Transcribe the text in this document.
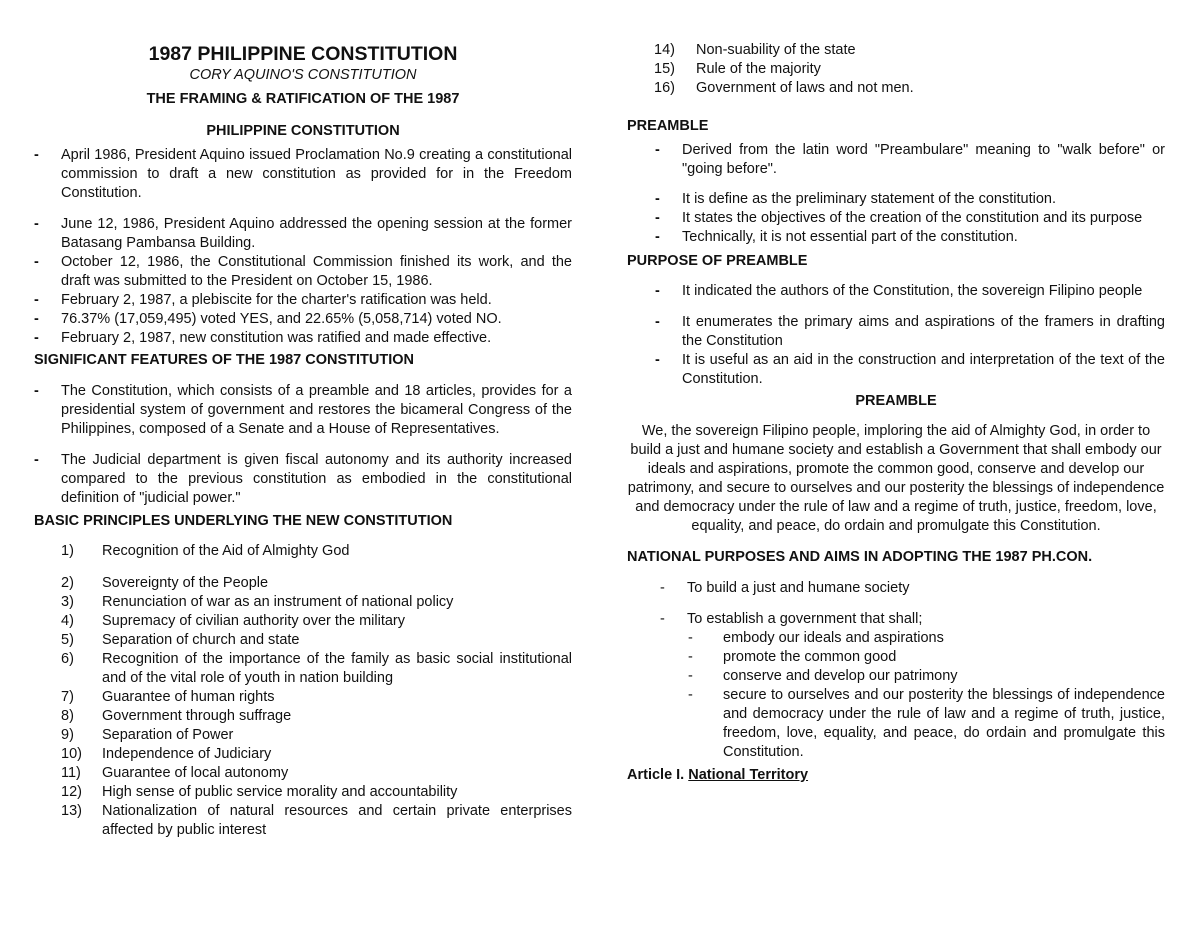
1987 PHILIPPINE CONSTITUTION
CORY AQUINO'S CONSTITUTION
THE FRAMING & RATIFICATION OF THE 1987
PHILIPPINE CONSTITUTION
- April 1986, President Aquino issued Proclamation No.9 creating a constitutional commission to draft a new constitution as provided for in the Freedom Constitution.
- June 12, 1986, President Aquino addressed the opening session at the former Batasang Pambansa Building.
- October 12, 1986, the Constitutional Commission finished its work, and the draft was submitted to the President on October 15, 1986.
- February 2, 1987, a plebiscite for the charter's ratification was held.
- 76.37% (17,059,495) voted YES, and 22.65% (5,058,714) voted NO.
- February 2, 1987, new constitution was ratified and made effective.
SIGNIFICANT FEATURES OF THE 1987 CONSTITUTION
- The Constitution, which consists of a preamble and 18 articles, provides for a presidential system of government and restores the bicameral Congress of the Philippines, composed of a Senate and a House of Representatives.
- The Judicial department is given fiscal autonomy and its authority increased compared to the previous constitution as embodied in the constitutional definition of "judicial power."
BASIC PRINCIPLES UNDERLYING THE NEW CONSTITUTION
1) Recognition of the Aid of Almighty God
2) Sovereignty of the People
3) Renunciation of war as an instrument of national policy
4) Supremacy of civilian authority over the military
5) Separation of church and state
6) Recognition of the importance of the family as basic social institutional and of the vital role of youth in nation building
7) Guarantee of human rights
8) Government through suffrage
9) Separation of Power
10) Independence of Judiciary
11) Guarantee of local autonomy
12) High sense of public service morality and accountability
13) Nationalization of natural resources and certain private enterprises affected by public interest
14) Non-suability of the state
15) Rule of the majority
16) Government of laws and not men.
PREAMBLE
- Derived from the latin word "Preambulare" meaning to "walk before" or "going before".
- It is define as the preliminary statement of the constitution.
- It states the objectives of the creation of the constitution and its purpose
- Technically, it is not essential part of the constitution.
PURPOSE OF PREAMBLE
- It indicated the authors of the Constitution, the sovereign Filipino people
- It enumerates the primary aims and aspirations of the framers in drafting the Constitution
- It is useful as an aid in the construction and interpretation of the text of the Constitution.
PREAMBLE
We, the sovereign Filipino people, imploring the aid of Almighty God, in order to build a just and humane society and establish a Government that shall embody our ideals and aspirations, promote the common good, conserve and develop our patrimony, and secure to ourselves and our posterity the blessings of independence and democracy under the rule of law and a regime of truth, justice, freedom, love, equality, and peace, do ordain and promulgate this Constitution.
NATIONAL PURPOSES AND AIMS IN ADOPTING THE 1987 PH.CON.
- To build a just and humane society
- To establish a government that shall;
- embody our ideals and aspirations
- promote the common good
- conserve and develop our patrimony
- secure to ourselves and our posterity the blessings of independence and democracy under the rule of law and a regime of truth, justice, freedom, love, equality, and peace, do ordain and promulgate this Constitution.
Article I. National Territory
